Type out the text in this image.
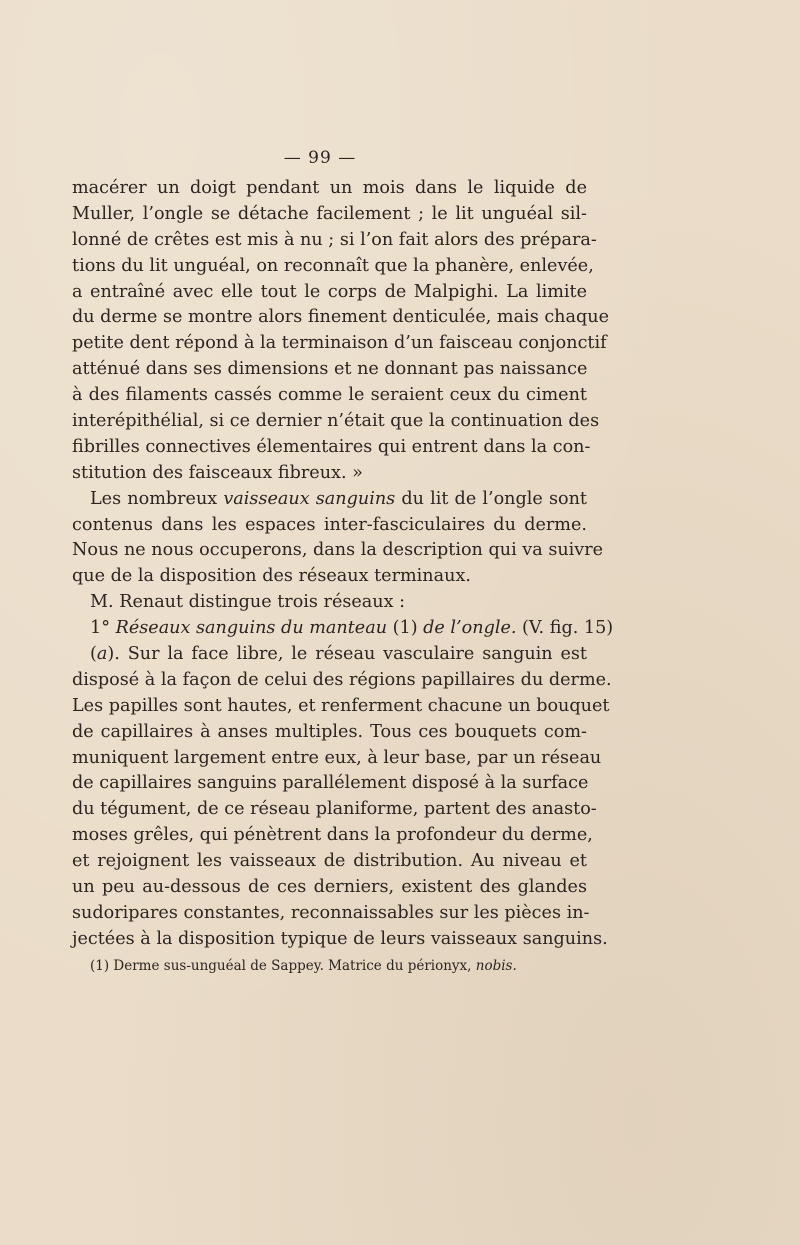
— 99 —
macérer un doigt pendant un mois dans le liquide de
Muller, l’ongle se détache facilement ; le lit unguéal sil-
lonné de crêtes est mis à nu ; si l’on fait alors des prépara-
tions du lit unguéal, on reconnaît que la phanère, enlevée,
a entraîné avec elle tout le corps de Malpighi. La limite
du derme se montre alors finement denticulée, mais chaque
petite dent répond à la terminaison d’un faisceau conjonctif
atténué dans ses dimensions et ne donnant pas naissance
à des filaments cassés comme le seraient ceux du ciment
interépithélial, si ce dernier n’était que la continuation des
fibrilles connectives élementaires qui entrent dans la con-
stitution des faisceaux fibreux. »
Les nombreux vaisseaux sanguins du lit de l’ongle sont
contenus dans les espaces inter-fasciculaires du derme.
Nous ne nous occuperons, dans la description qui va suivre
que de la disposition des réseaux terminaux.
M. Renaut distingue trois réseaux :
1° Réseaux sanguins du manteau (1) de l’ongle. (V. fig. 15)
(a). Sur la face libre, le réseau vasculaire sanguin est
disposé à la façon de celui des régions papillaires du derme.
Les papilles sont hautes, et renferment chacune un bouquet
de capillaires à anses multiples. Tous ces bouquets com-
muniquent largement entre eux, à leur base, par un réseau
de capillaires sanguins parallélement disposé à la surface
du tégument, de ce réseau planiforme, partent des anasto-
moses grêles, qui pénètrent dans la profondeur du derme,
et rejoignent les vaisseaux de distribution. Au niveau et
un peu au-dessous de ces derniers, existent des glandes
sudoripares constantes, reconnaissables sur les pièces in-
jectées à la disposition typique de leurs vaisseaux sanguins.
(1) Derme sus-unguéal de Sappey. Matrice du périonyx, nobis.
